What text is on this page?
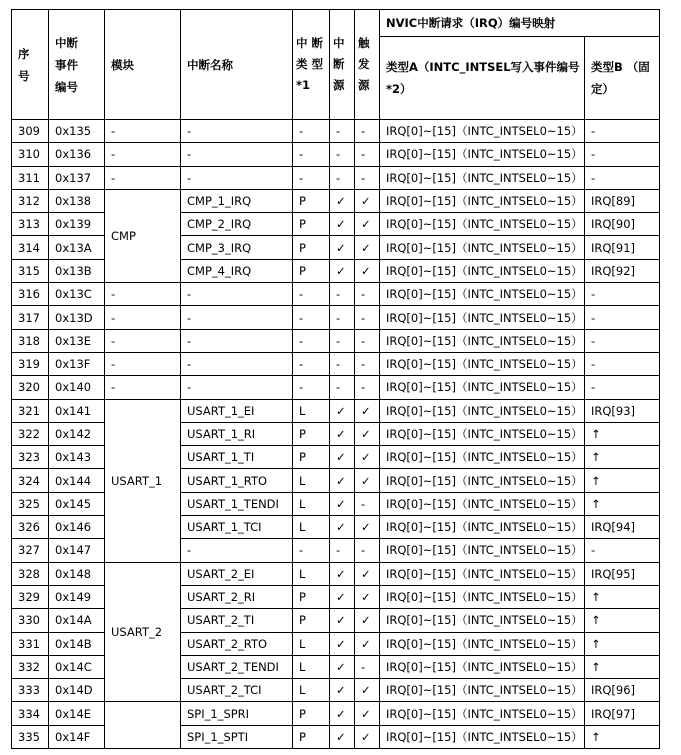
序
号	中断
事件
编号	模块	中断名称	中 断 类 型 *1	中 断 源	触 发 源	NVIC中断请求（IRQ）编号映射	
							类型A（INTC_INTSEL写入事件编号 *2）	类型B （固定）
309	0x135	-	-	-	-	-	IRQ[0]~[15]（INTC_INTSEL0~15）	-
310	0x136	-	-	-	-	-	IRQ[0]~[15]（INTC_INTSEL0~15）	-
311	0x137	-	-	-	-	-	IRQ[0]~[15]（INTC_INTSEL0~15）	-
312	0x138	CMP	CMP_1_IRQ	P	✓	✓	IRQ[0]~[15]（INTC_INTSEL0~15）	IRQ[89]
313	0x139		CMP_2_IRQ	P	✓	✓	IRQ[0]~[15]（INTC_INTSEL0~15）	IRQ[90]
314	0x13A		CMP_3_IRQ	P	✓	✓	IRQ[0]~[15]（INTC_INTSEL0~15）	IRQ[91]
315	0x13B		CMP_4_IRQ	P	✓	✓	IRQ[0]~[15]（INTC_INTSEL0~15）	IRQ[92]
316	0x13C	-	-	-	-	-	IRQ[0]~[15]（INTC_INTSEL0~15）	-
317	0x13D	-	-	-	-	-	IRQ[0]~[15]（INTC_INTSEL0~15）	-
318	0x13E	-	-	-	-	-	IRQ[0]~[15]（INTC_INTSEL0~15）	-
319	0x13F	-	-	-	-	-	IRQ[0]~[15]（INTC_INTSEL0~15）	-
320	0x140	-	-	-	-	-	IRQ[0]~[15]（INTC_INTSEL0~15）	-
321	0x141	USART_1	USART_1_EI	L	✓	✓	IRQ[0]~[15]（INTC_INTSEL0~15）	IRQ[93]
322	0x142		USART_1_RI	P	✓	✓	IRQ[0]~[15]（INTC_INTSEL0~15）	↑
323	0x143		USART_1_TI	P	✓	✓	IRQ[0]~[15]（INTC_INTSEL0~15）	↑
324	0x144		USART_1_RTO	L	✓	✓	IRQ[0]~[15]（INTC_INTSEL0~15）	↑
325	0x145		USART_1_TENDI	L	✓	-	IRQ[0]~[15]（INTC_INTSEL0~15）	↑
326	0x146		USART_1_TCI	L	✓	✓	IRQ[0]~[15]（INTC_INTSEL0~15）	IRQ[94]
327	0x147		-	-	-	-	IRQ[0]~[15]（INTC_INTSEL0~15）	-
328	0x148	USART_2	USART_2_EI	L	✓	✓	IRQ[0]~[15]（INTC_INTSEL0~15）	IRQ[95]
329	0x149		USART_2_RI	P	✓	✓	IRQ[0]~[15]（INTC_INTSEL0~15）	↑
330	0x14A		USART_2_TI	P	✓	✓	IRQ[0]~[15]（INTC_INTSEL0~15）	↑
331	0x14B		USART_2_RTO	L	✓	✓	IRQ[0]~[15]（INTC_INTSEL0~15）	↑
332	0x14C		USART_2_TENDI	L	✓	-	IRQ[0]~[15]（INTC_INTSEL0~15）	↑
333	0x14D		USART_2_TCI	L	✓	✓	IRQ[0]~[15]（INTC_INTSEL0~15）	IRQ[96]
334	0x14E		SPI_1_SPRI	P	✓	✓	IRQ[0]~[15]（INTC_INTSEL0~15）	IRQ[97]
335	0x14F		SPI_1_SPTI	P	✓	✓	IRQ[0]~[15]（INTC_INTSEL0~15）	↑
